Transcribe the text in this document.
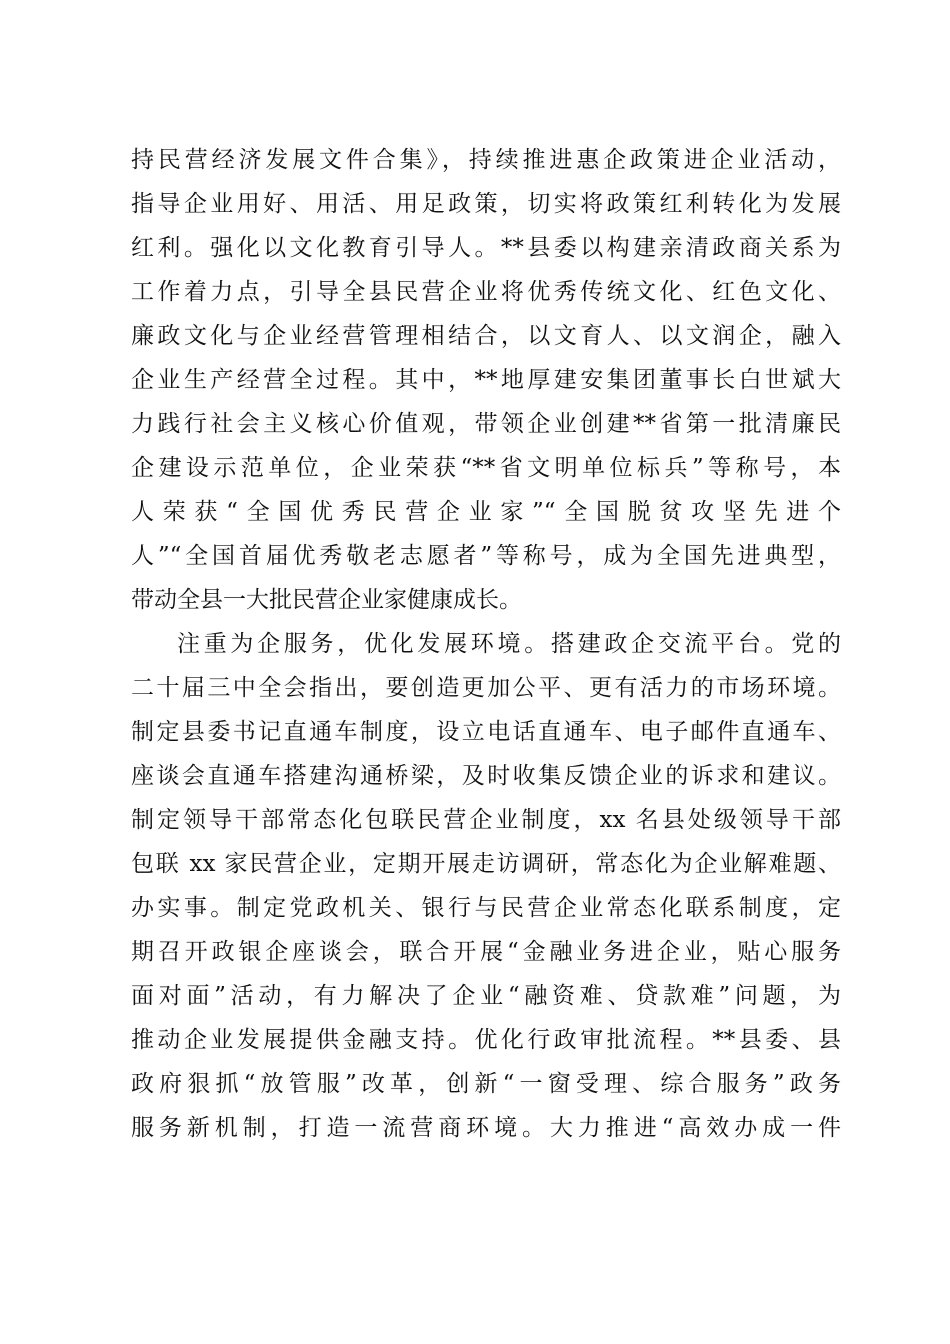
持民营经济发展文件合集》，持续推进惠企政策进企业活动，
指导企业用好、用活、用足政策，切实将政策红利转化为发展
红利。强化以文化教育引导人。**县委以构建亲清政商关系为
工作着力点，引导全县民营企业将优秀传统文化、红色文化、
廉政文化与企业经营管理相结合，以文育人、以文润企，融入
企业生产经营全过程。其中，**地厚建安集团董事长白世斌大
力践行社会主义核心价值观，带领企业创建**省第一批清廉民
企建设示范单位，企业荣获“**省文明单位标兵”等称号，本
人荣获“全国优秀民营企业家”“全国脱贫攻坚先进个
人”“全国首届优秀敬老志愿者”等称号，成为全国先进典型，
带动全县一大批民营企业家健康成长。
注重为企服务，优化发展环境。搭建政企交流平台。党的
二十届三中全会指出，要创造更加公平、更有活力的市场环境。
制定县委书记直通车制度，设立电话直通车、电子邮件直通车、
座谈会直通车搭建沟通桥梁，及时收集反馈企业的诉求和建议。
制定领导干部常态化包联民营企业制度，xx 名县处级领导干部
包联 xx 家民营企业，定期开展走访调研，常态化为企业解难题、
办实事。制定党政机关、银行与民营企业常态化联系制度，定
期召开政银企座谈会，联合开展“金融业务进企业，贴心服务
面对面”活动，有力解决了企业“融资难、贷款难”问题，为
推动企业发展提供金融支持。优化行政审批流程。**县委、县
政府狠抓“放管服”改革，创新“一窗受理、综合服务”政务
服务新机制，打造一流营商环境。大力推进“高效办成一件
